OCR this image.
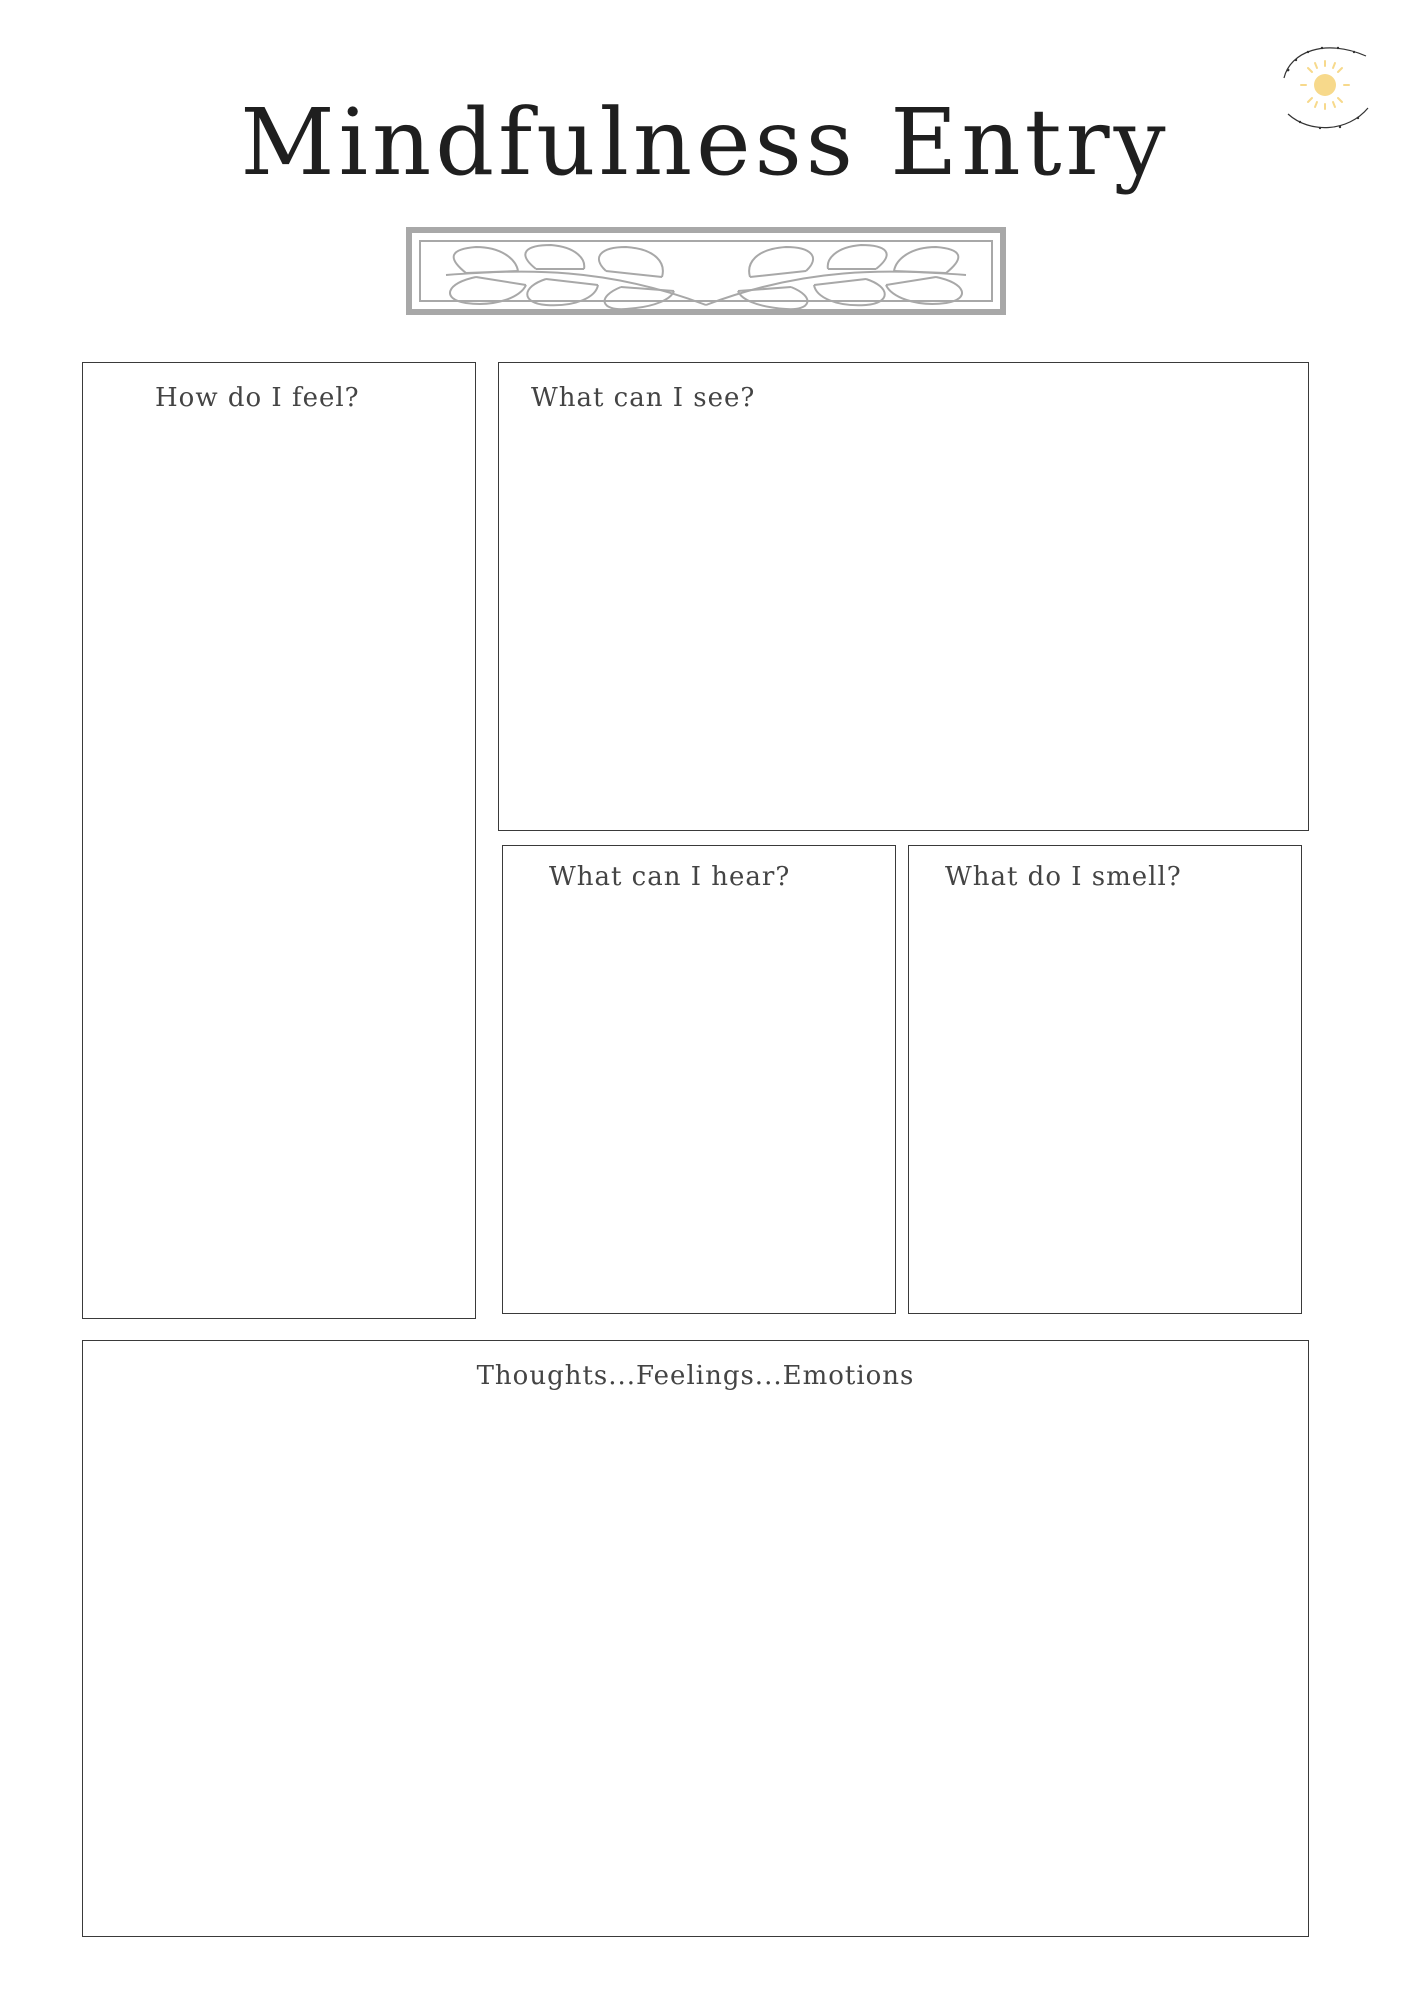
Mindfulness Entry
How do I feel?	What can I see?
What can I hear?	What do I smell?
Thoughts...Feelings...Emotions
